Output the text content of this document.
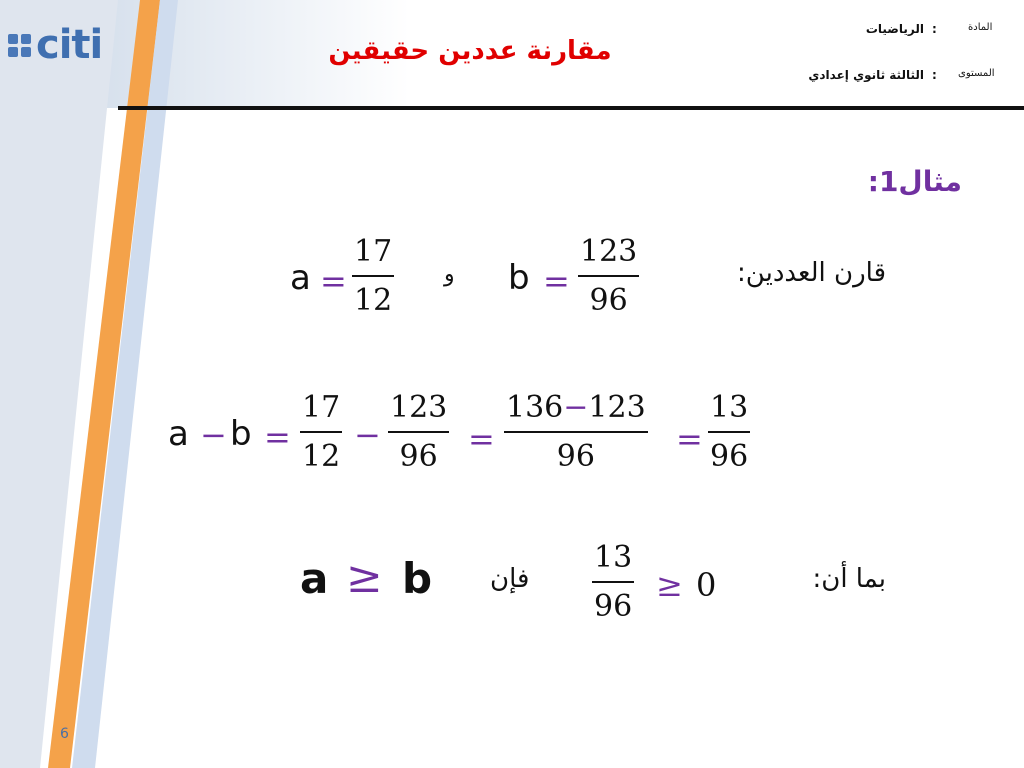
citi	مقارنة عددين حقيقين
المادة
:
الرياضيات
المستوى
:
الثالثة ثانوي إعدادي
مثال1:
قارن العددين:
b =
123
96
و
a =
17
12
a − b =
17
12
−
123
96 =
136−123
96	=
13
96
بما أن:
0
≥
13
96
فإن
a ≥ b
6
